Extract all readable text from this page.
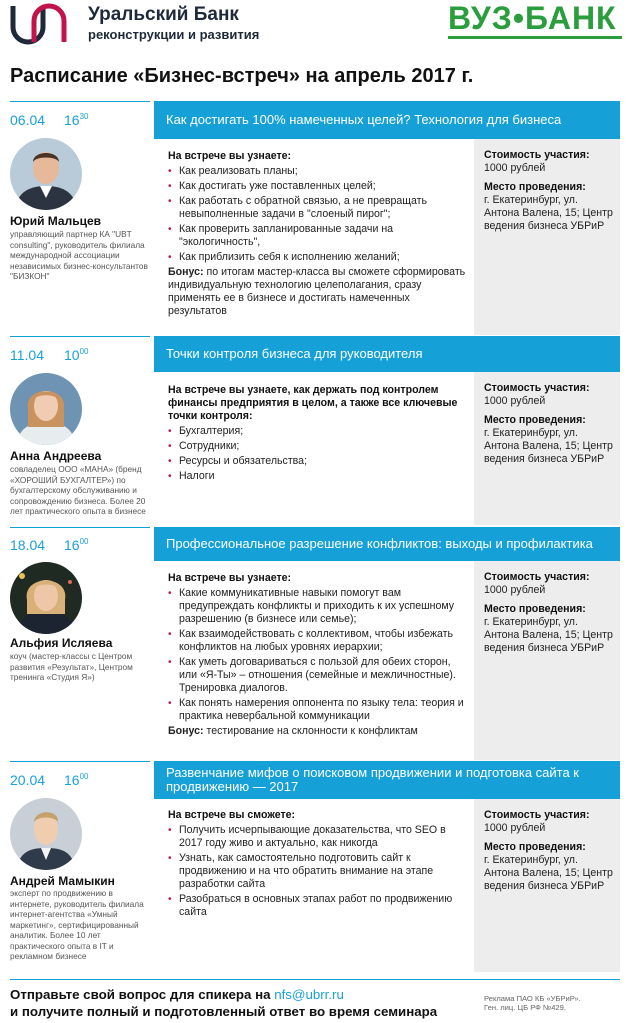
Уральский Банк
реконструкции и развития	ВУЗ•БАНК
Расписание «Бизнес-встреч» на апрель 2017 г.
06.04 $16^{30}$	Как достигать 100% намеченных целей? Технология для бизнеса
Юрий Мальцев
управляющий партнер КА "UBT consulting", руководитель филиала международной ассоциации независимых бизнес-консультантов "БИЗКОН"
На встрече вы узнаете:
• Как реализовать планы;
• Как достигать уже поставленных целей;
• Как работать с обратной связью, а не превращать невыполненные задачи в "слоеный пирог";
• Как проверить запланированные задачи на "экологичность",
• Как приблизить себя к исполнению желаний;
Бонус: по итогам мастер-класса вы сможете сформировать индивидуальную технологию целеполагания, сразу применять ее в бизнесе и достигать намеченных результатов
Стоимость участия:
1000 рублей
Место проведения:
г. Екатеринбург, ул. Антона Валена, 15; Центр ведения бизнеса УБРиР
11.04 $10^{00}$	Точки контроля бизнеса для руководителя
Анна Андреева
совладелец ООО «МАНА» (бренд «ХОРОШИЙ БУХГАЛТЕР») по бухгалтерскому обслуживанию и сопровождению бизнеса. Более 20 лет практического опыта в бизнесе
На встрече вы узнаете, как держать под контролем финансы предприятия в целом, а также все ключевые точки контроля:
• Бухгалтерия;
• Сотрудники;
• Ресурсы и обязательства;
• Налоги
Стоимость участия:
1000 рублей
Место проведения:
г. Екатеринбург, ул. Антона Валена, 15; Центр ведения бизнеса УБРиР
18.04 $16^{00}$	Профессиональное разрешение конфликтов: выходы и профилактика
Альфия Исляева
коуч (мастер-классы с Центром развития «Результат», Центром тренинга «Студия Я»)
На встрече вы узнаете:
• Какие коммуникативные навыки помогут вам предупреждать конфликты и приходить к их успешному разрешению (в бизнесе или семье);
• Как взаимодействовать с коллективом, чтобы избежать конфликтов на любых уровнях иерархии;
• Как уметь договариваться с пользой для обеих сторон, или «Я-Ты» – отношения (семейные и межличностные). Тренировка диалогов.
• Как понять намерения оппонента по языку тела: теория и практика невербальной коммуникации
Бонус: тестирование на склонности к конфликтам
Стоимость участия:
1000 рублей
Место проведения:
г. Екатеринбург, ул. Антона Валена, 15; Центр ведения бизнеса УБРиР
20.04 $16^{00}$	Развенчание мифов о поисковом продвижении и подготовка сайта к продвижению — 2017
Андрей Мамыкин
эксперт по продвижению в интернете, руководитель филиала интернет-агентства «Умный маркетинг», сертифицированный аналитик. Более 10 лет практического опыта в IT и рекламном бизнесе
На встрече вы сможете:
• Получить исчерпывающие доказательства, что SEO в 2017 году живо и актуально, как никогда
• Узнать, как самостоятельно подготовить сайт к продвижению и на что обратить внимание на этапе разработки сайта
• Разобраться в основных этапах работ по продвижению сайта
Стоимость участия:
1000 рублей
Место проведения:
г. Екатеринбург, ул. Антона Валена, 15; Центр ведения бизнеса УБРиР
Отправьте свой вопрос для спикера на nfs@ubrr.ru
и получите полный и подготовленный ответ во время семинара
Реклама ПАО КБ «УБРиР».
Ген. лиц. ЦБ РФ №429.
